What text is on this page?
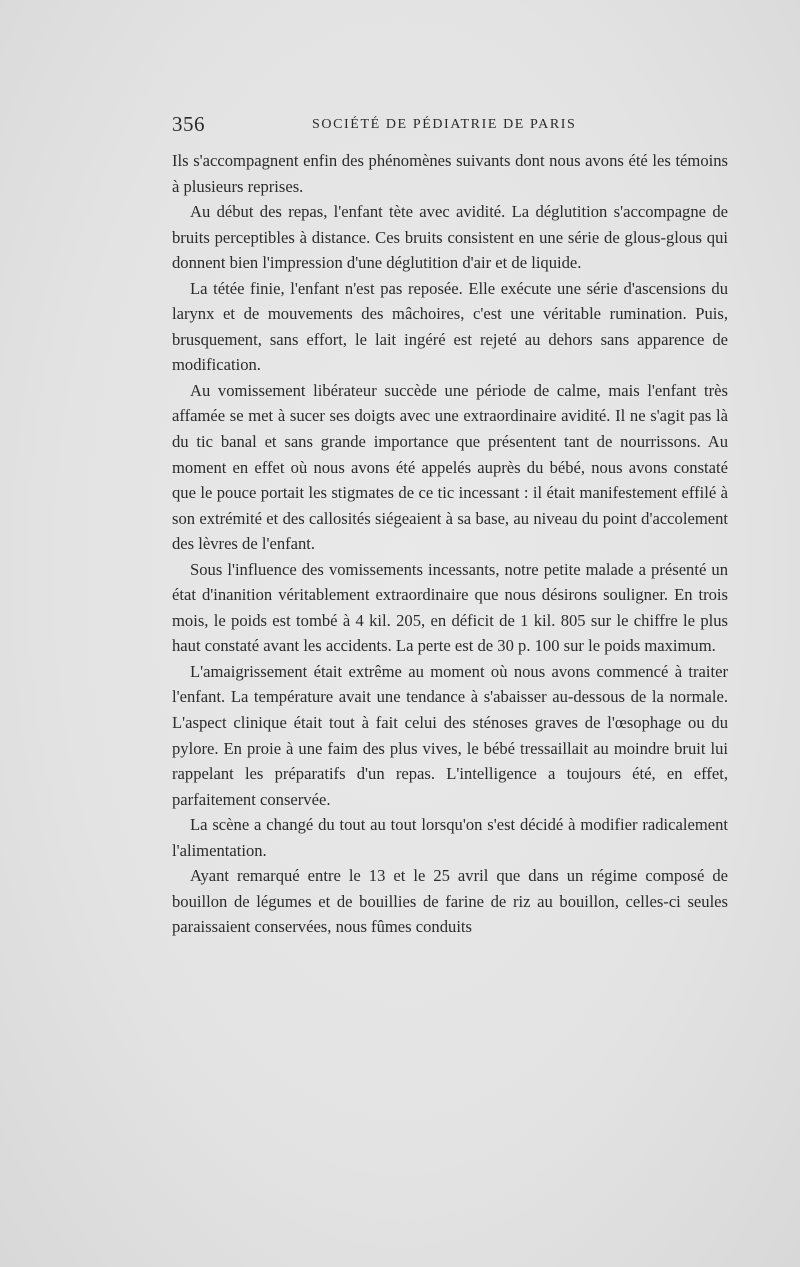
356	SOCIÉTÉ DE PÉDIATRIE DE PARIS

Ils s'accompagnent enfin des phénomènes suivants dont nous avons été les témoins à plusieurs reprises.

Au début des repas, l'enfant tète avec avidité. La déglutition s'accompagne de bruits perceptibles à distance. Ces bruits consistent en une série de glous-glous qui donnent bien l'impression d'une déglutition d'air et de liquide.

La tétée finie, l'enfant n'est pas reposée. Elle exécute une série d'ascensions du larynx et de mouvements des mâchoires, c'est une véritable rumination. Puis, brusquement, sans effort, le lait ingéré est rejeté au dehors sans apparence de modification.

Au vomissement libérateur succède une période de calme, mais l'enfant très affamée se met à sucer ses doigts avec une extraordinaire avidité. Il ne s'agit pas là du tic banal et sans grande importance que présentent tant de nourrissons. Au moment en effet où nous avons été appelés auprès du bébé, nous avons constaté que le pouce portait les stigmates de ce tic incessant : il était manifestement effilé à son extrémité et des callosités siégeaient à sa base, au niveau du point d'accolement des lèvres de l'enfant.

Sous l'influence des vomissements incessants, notre petite malade a présenté un état d'inanition véritablement extraordinaire que nous désirons souligner. En trois mois, le poids est tombé à 4 kil. 205, en déficit de 1 kil. 805 sur le chiffre le plus haut constaté avant les accidents. La perte est de 30 p. 100 sur le poids maximum.

L'amaigrissement était extrême au moment où nous avons commencé à traiter l'enfant. La température avait une tendance à s'abaisser au-dessous de la normale. L'aspect clinique était tout à fait celui des sténoses graves de l'œsophage ou du pylore. En proie à une faim des plus vives, le bébé tressaillait au moindre bruit lui rappelant les préparatifs d'un repas. L'intelligence a toujours été, en effet, parfaitement conservée.

La scène a changé du tout au tout lorsqu'on s'est décidé à modifier radicalement l'alimentation.

Ayant remarqué entre le 13 et le 25 avril que dans un régime composé de bouillon de légumes et de bouillies de farine de riz au bouillon, celles-ci seules paraissaient conservées, nous fûmes conduits
